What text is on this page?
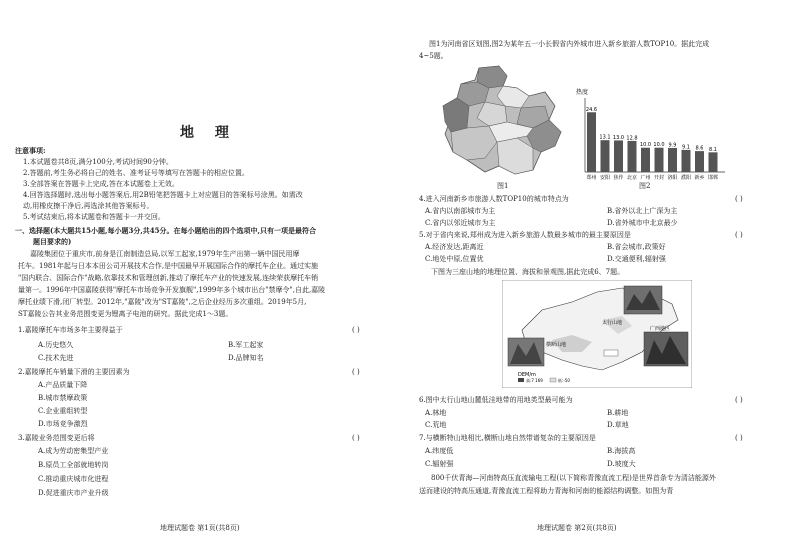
地 理
注意事项:
1.本试题卷共8页,满分100分,考试时间90分钟。
2.答题前,考生务必将自己的姓名、准考证号等填写在答题卡的相应位置。
3.全部答案在答题卡上完成,答在本试题卷上无效。
4.回答选择题时,选出每小题答案后,用2B铅笔把答题卡上对应题目的答案标号涂黑。如需改
动,用橡皮擦干净后,再选涂其他答案标号。
5.考试结束后,将本试题卷和答题卡一并交回。
一、选择题(本大题共15小题,每小题3分,共45分。在每小题给出的四个选项中,只有一项是最符合
题目要求的)
嘉陵集团位于重庆市,前身是江南制造总局,以军工起家,1979年生产出第一辆中国民用摩
托车。1981年起与日本本田公司开展技术合作,是中国最早开展国际合作的摩托车企业。通过实施
"国内联合、国际合作"战略,依靠技术和管理创新,推动了摩托车产业的快速发展,连续荣获摩托车销
量第一。1996年中国嘉陵获得"摩托车市场竞争开发旗舰",1999年多个城市出台"禁摩令",自此,嘉陵
摩托业绩下滑,闭厂转型。2012年,"嘉陵"改为"ST嘉陵",之后企业经历多次重组。2019年5月,
ST嘉陵公告其业务范围变更为锂离子电池的研究。据此完成1～3题。
1.嘉陵摩托车市场多年主要得益于	( )
A.历史悠久	B.军工起家
C.技术先进	D.品牌知名
2.嘉陵摩托车销量下滑的主要因素为	( )
A.产品质量下降
B.城市禁摩政策
C.企业重组转型
D.市场竞争激烈
3.嘉陵业务范围变更后将	( )
A.成为劳动密集型产业
B.原员工全部就地转岗
C.推动重庆城市化进程
D.促进重庆市产业升级
地理试题卷 第1页(共8页)
图1为河南省区划图,图2为某年五一小长假省内外城市进入新乡旅游人数TOP10。据此完成
4~5题。
图1
热度
24.6
郑州
13.1
安阳
13.0
焦作
12.8
北京
10.0
广州
10.0
开封
9.9
洛阳
9.1
濮阳
8.6
新乡
8.1
邯郸
图2
4.进入河南新乡市旅游人数TOP10的城市特点为	( )
A.省内以南部城市为主	B.省外以北上广深为主
C.省内以邻近城市为主	D.省外城市中北京最少
5.对于省内来说,郑州成为进入新乡旅游人数最多城市的最主要原因是	( )
A.经济发达,距离近	B.省会城市,政策好
C.地处中原,位置优	D.交通便利,辐射强
下图为三座山地的地理位置、海拔和景观图,据此完成6、7题。
太行山地
横断山地
广西地区
DEM/m
高:7 169	低:-50
6.图中太行山地山麓低洼地带的用地类型最可能为	( )
A.林地	B.耕地
C.荒地	D.草地
7.与横断特山地相比,横断山地自然带谱复杂的主要原因是	( )
A.纬度低	B.海拔高
C.辐射强	D.坡度大
800千伏青海—河南特高压直流输电工程(以下简称青豫直流工程)是世界首条专为清洁能源外
送而建设的特高压通道,青豫直流工程将助力青海和河南的能源结构调整。如图为青
地理试题卷 第2页(共8页)
